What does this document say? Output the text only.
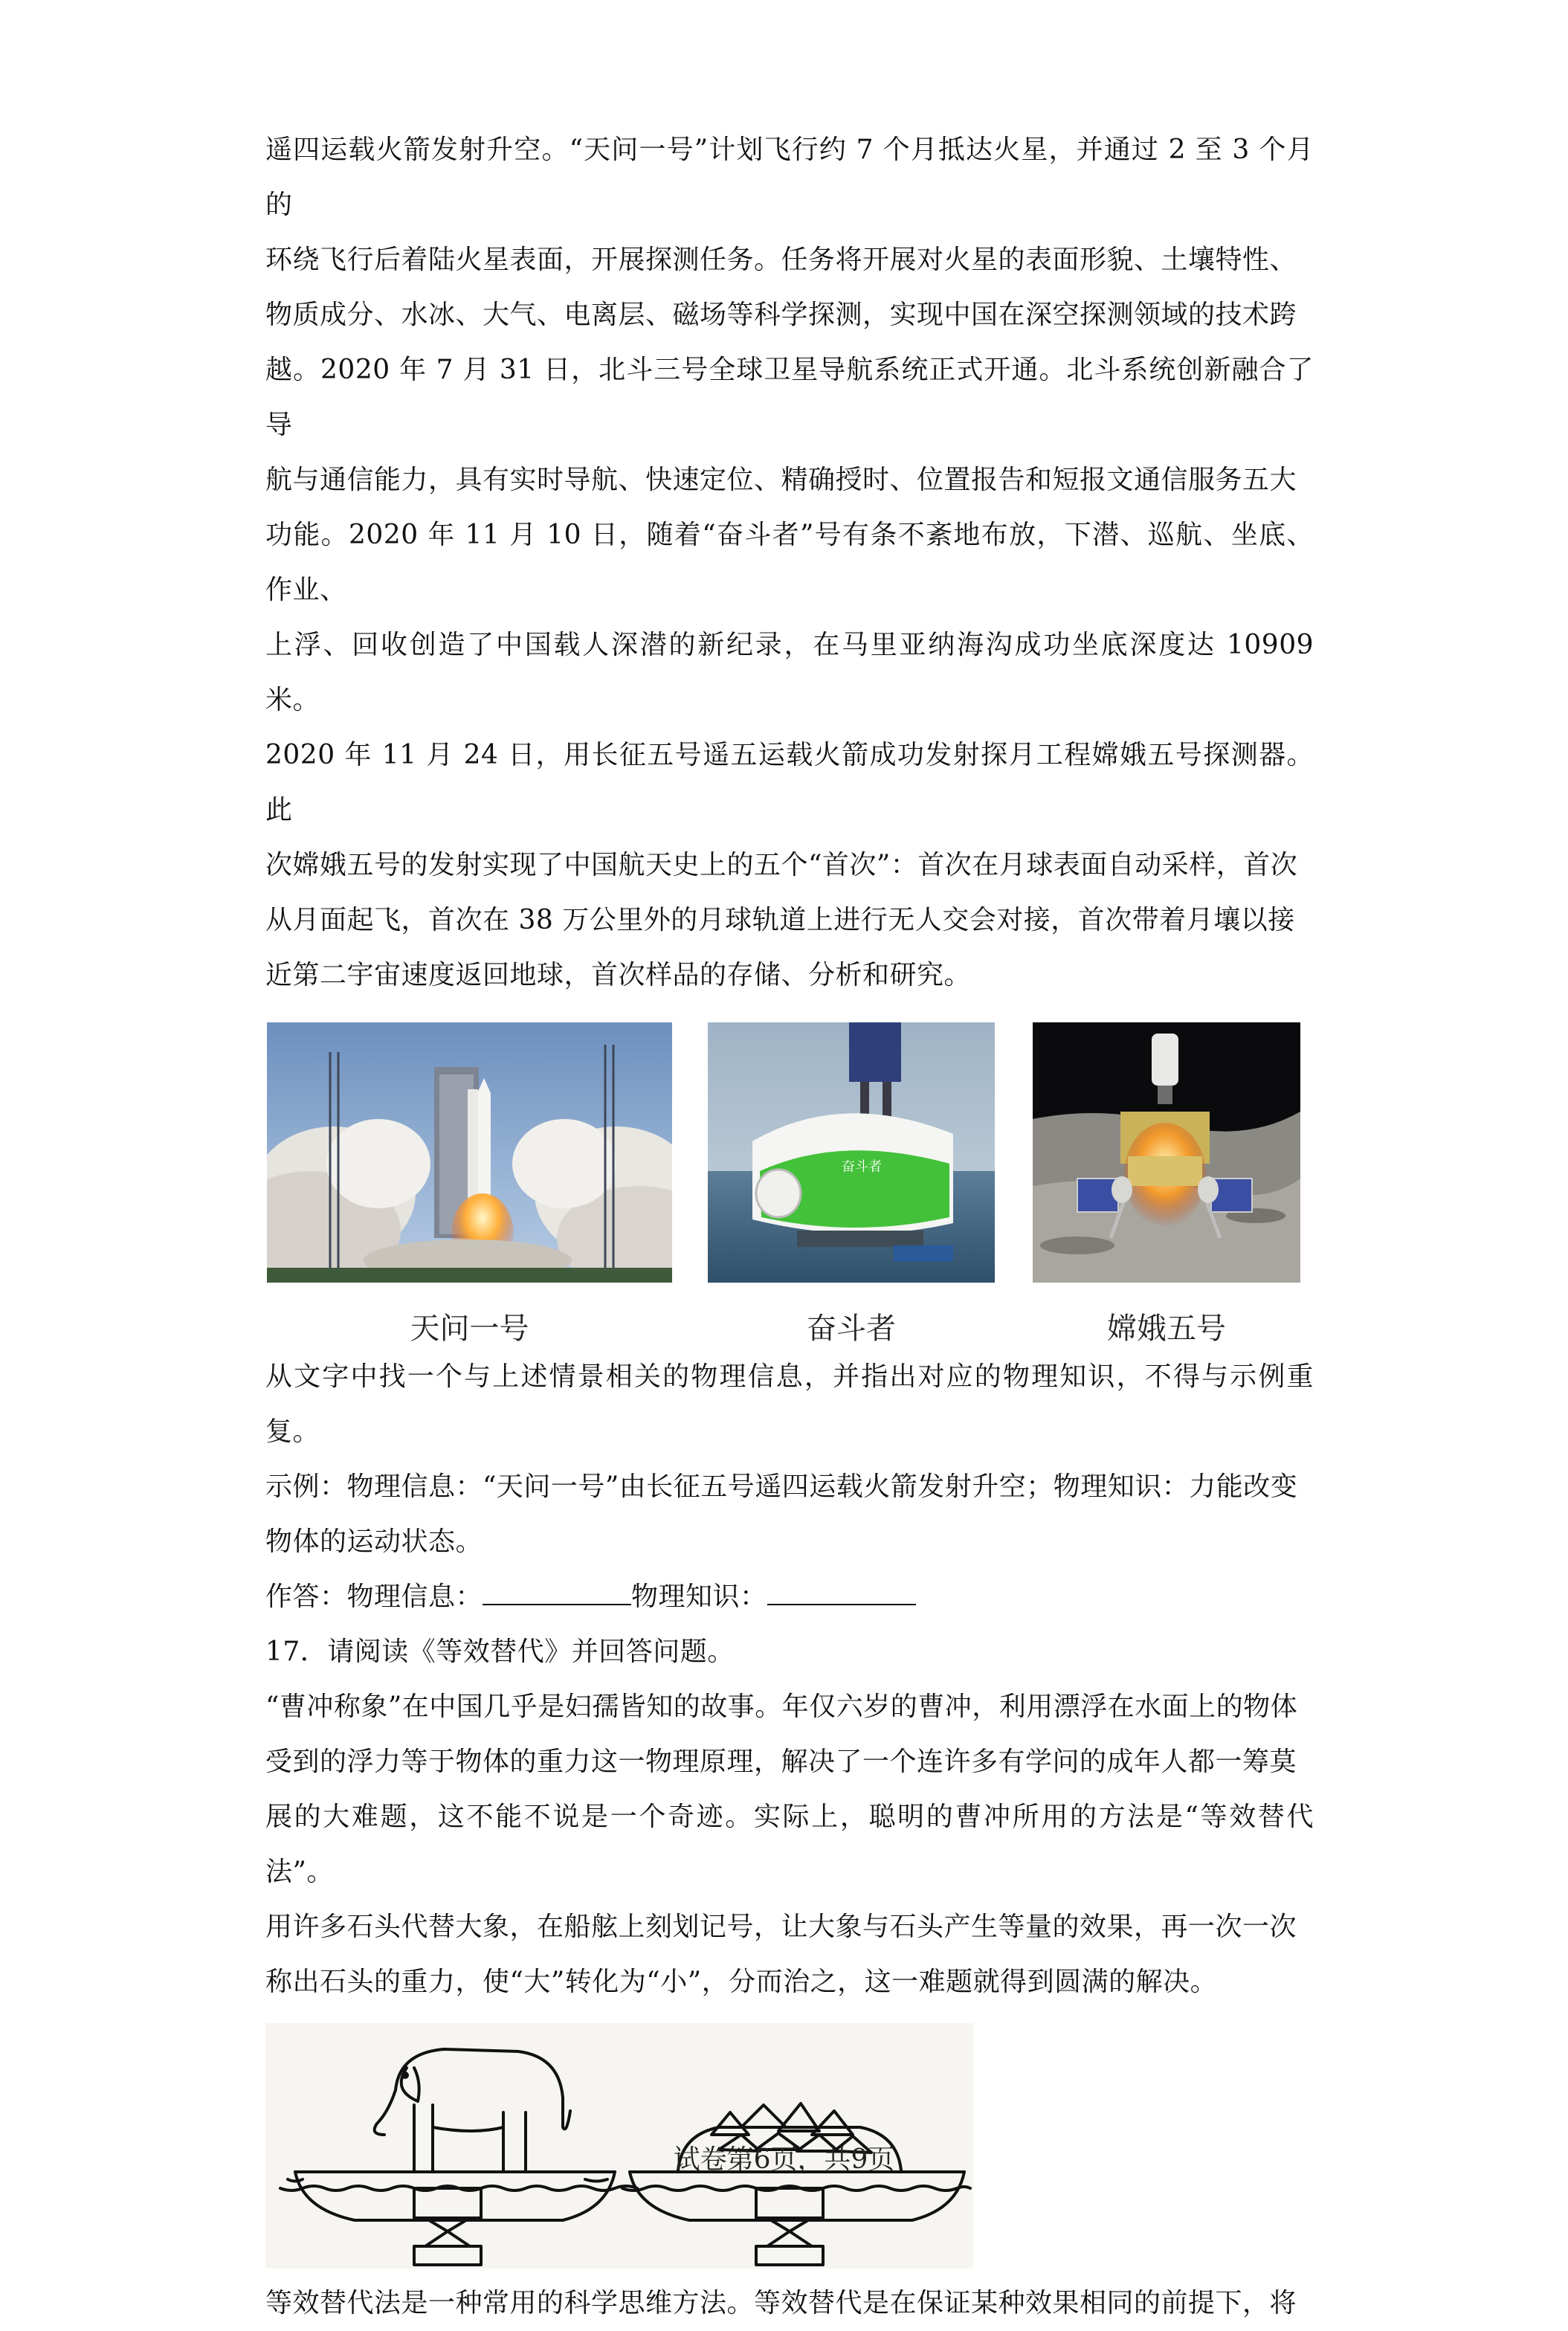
遥四运载火箭发射升空。“天问一号”计划飞行约 7 个月抵达火星，并通过 2 至 3 个月的

环绕飞行后着陆火星表面，开展探测任务。任务将开展对火星的表面形貌、土壤特性、

物质成分、水冰、大气、电离层、磁场等科学探测，实现中国在深空探测领域的技术跨

越。2020 年 7 月 31 日，北斗三号全球卫星导航系统正式开通。北斗系统创新融合了导

航与通信能力，具有实时导航、快速定位、精确授时、位置报告和短报文通信服务五大

功能。2020 年 11 月 10 日，随着“奋斗者”号有条不紊地布放，下潜、巡航、坐底、作业、

上浮、回收创造了中国载人深潜的新纪录，在马里亚纳海沟成功坐底深度达 10909 米。

2020 年 11 月 24 日，用长征五号遥五运载火箭成功发射探月工程嫦娥五号探测器。此

次嫦娥五号的发射实现了中国航天史上的五个“首次”：首次在月球表面自动采样，首次

从月面起飞，首次在 38 万公里外的月球轨道上进行无人交会对接，首次带着月壤以接

近第二宇宙速度返回地球，首次样品的存储、分析和研究。

天问一号
奋斗者
奋斗者	嫦娥五号

从文字中找一个与上述情景相关的物理信息，并指出对应的物理知识，不得与示例重复。

示例：物理信息：“天问一号”由长征五号遥四运载火箭发射升空；物理知识：力能改变

物体的运动状态。

作答：物理信息：	物理知识：

17．请阅读《等效替代》并回答问题。

“曹冲称象”在中国几乎是妇孺皆知的故事。年仅六岁的曹冲，利用漂浮在水面上的物体

受到的浮力等于物体的重力这一物理原理，解决了一个连许多有学问的成年人都一筹莫

展的大难题，这不能不说是一个奇迹。实际上，聪明的曹冲所用的方法是“等效替代法”。

用许多石头代替大象，在船舷上刻划记号，让大象与石头产生等量的效果，再一次一次

称出石头的重力，使“大”转化为“小”，分而治之，这一难题就得到圆满的解决。

等效替代法是一种常用的科学思维方法。等效替代是在保证某种效果相同的前提下，将

试卷第6页，共9页
